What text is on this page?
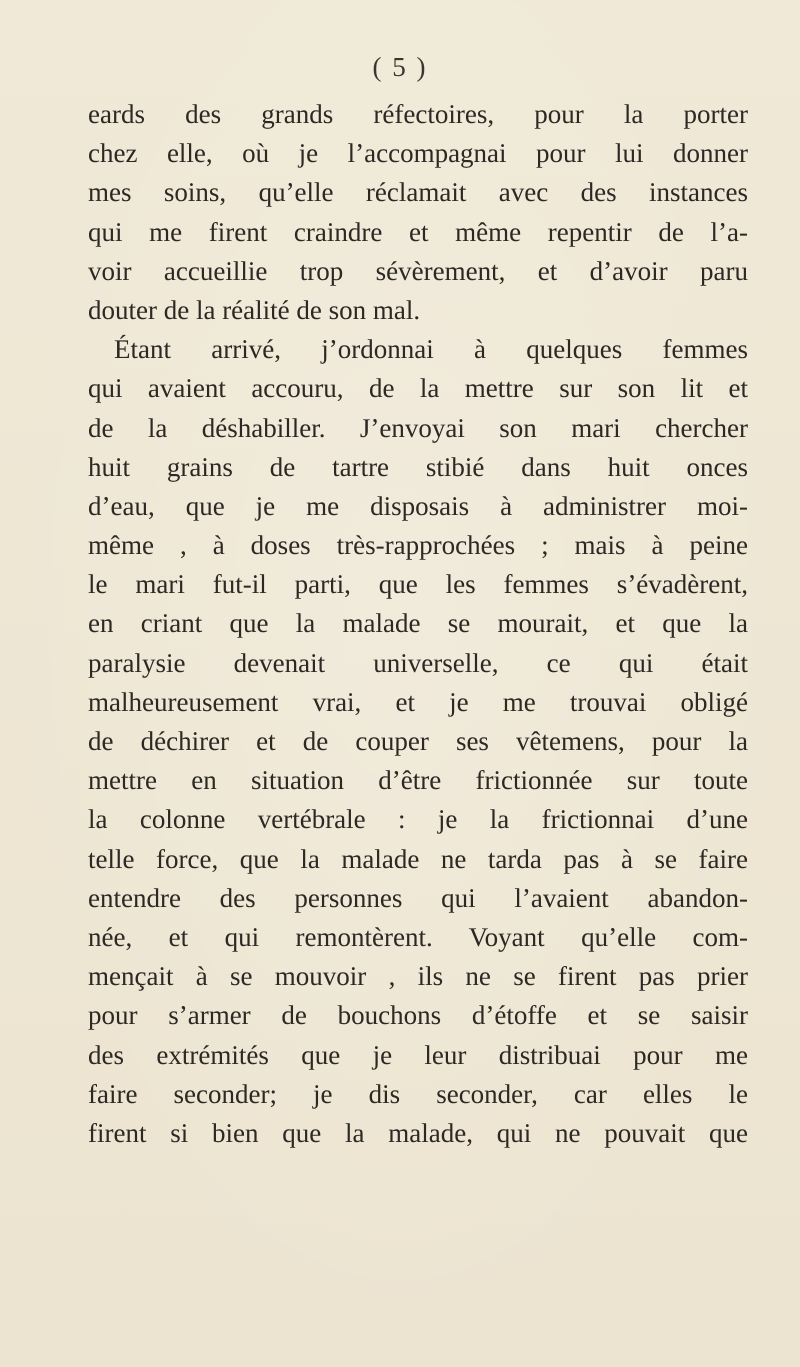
( 5 )
eards des grands réfectoires, pour la porter
chez elle, où je l’accompagnai pour lui donner
mes soins, qu’elle réclamait avec des instances
qui me firent craindre et même repentir de l’a-
voir accueillie trop sévèrement, et d’avoir paru
douter de la réalité de son mal.
Étant arrivé, j’ordonnai à quelques femmes
qui avaient accouru, de la mettre sur son lit et
de la déshabiller. J’envoyai son mari chercher
huit grains de tartre stibié dans huit onces
d’eau, que je me disposais à administrer moi-
même , à doses très-rapprochées ; mais à peine
le mari fut-il parti, que les femmes s’évadèrent,
en criant que la malade se mourait, et que la
paralysie devenait universelle, ce qui était
malheureusement vrai, et je me trouvai obligé
de déchirer et de couper ses vêtemens, pour la
mettre en situation d’être frictionnée sur toute
la colonne vertébrale : je la frictionnai d’une
telle force, que la malade ne tarda pas à se faire
entendre des personnes qui l’avaient abandon-
née, et qui remontèrent. Voyant qu’elle com-
mençait à se mouvoir , ils ne se firent pas prier
pour s’armer de bouchons d’étoffe et se saisir
des extrémités que je leur distribuai pour me
faire seconder; je dis seconder, car elles le
firent si bien que la malade, qui ne pouvait que
